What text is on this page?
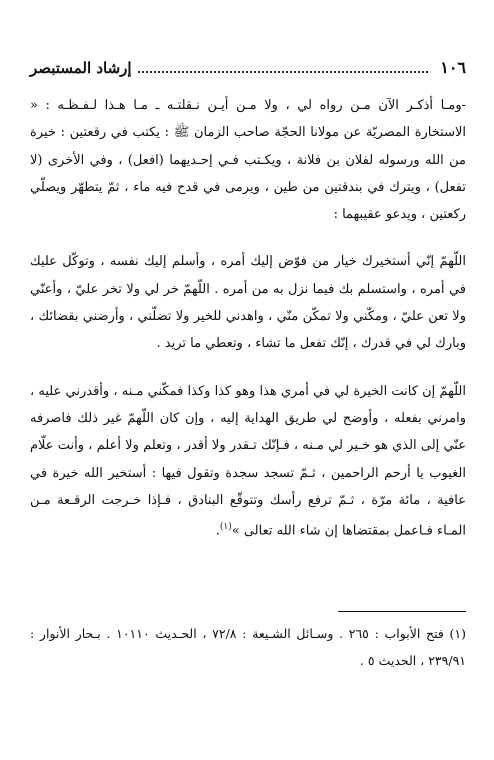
١٠٦
إرشاد المستبصر

-ومـا أذكـر الآن مـن رواه لي ، ولا مـن أيـن نـقلتـه ـ مـا هـذا لـفـظـه : « الاستخارة المصريّة عن مولانا الحجّة صاحب الزمان ﷺ : يكتب في رقعتين : خيرة من الله ورسوله لفلان بن فلانة ، ويكـتب فـي إحـديهما (افعل) ، وفي الأخرى (لا تفعل) ، ويترك في بندقتين من طين ، ويرمى في قدح فيه ماء ، ثمّ يتطهّر ويصلّي ركعتين ، ويدعو عقيبهما :

اللّهمّ إنّي أستخيرك خيار من فوّض إليك أمره ، وأسلم إليك نفسه ، وتوكّل عليك في أمره ، واستسلم بك فيما نزل به من أمره . اللّهمّ خر لي ولا تخر عليّ ، وأعنّي ولا تعن عليّ ، ومكّني ولا تمكّن منّي ، واهدني للخير ولا تضلّني ، وأرضني بقضائك ، وبارك لي في قدرك ، إنّك تفعل ما تشاء ، وتعطي ما تريد .

اللّهمّ إن كانت الخيرة لي في أمري هذا وهو كذا وكذا فمكّني مـنه ، وأقدرني عليه ، وامرني بفعله ، وأوضح لي طريق الهداية إليه ، وإن كان اللّهمّ غير ذلك فاصرفه عنّي إلى الذي هو خـير لي مـنه ، فـإنّك تـقدر ولا أقدر ، وتعلم ولا أعلم ، وأنت علّام الغيوب يا أرحم الراحمين ، ثـمّ تسجد سجدة وتقول فيها : أستخير الله خيرة في عافية ، مائة مرّة ، ثـمّ ترفع رأسك وتتوقّع البنادق ، فـإذا خـرجت الرقـعة مـن المـاء فـاعمل بمقتضاها إن شاء الله تعالى »$^{(١)}$.

(١) فتح الأبواب : ٢٦٥ . وسـائل الشـيعة : ٧٢/٨ ، الحـديث ١٠١١٠ . بـحار الأنوار : ٢٣٩/٩١ ، الحديث ٥ .
